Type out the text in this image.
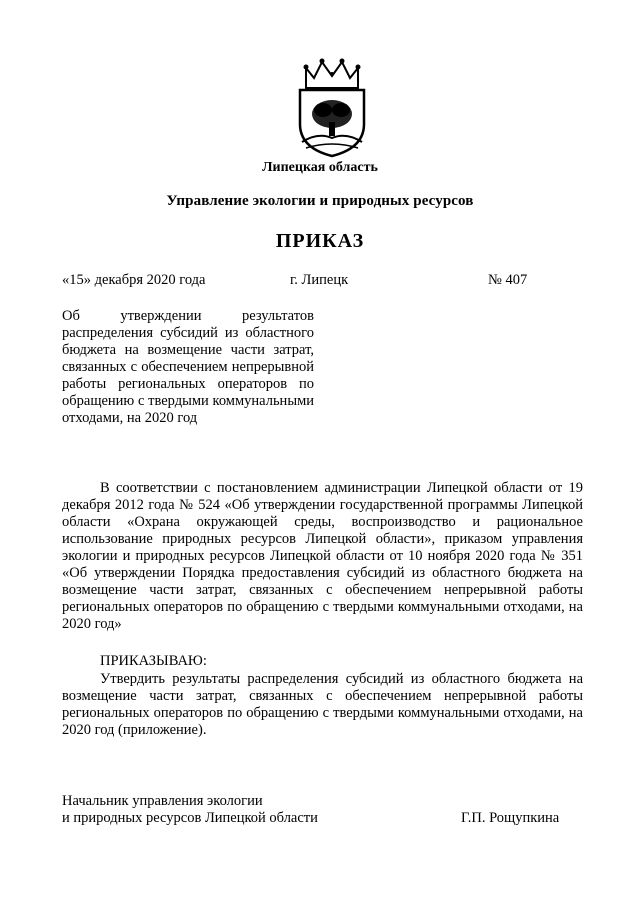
Липецкая область
Управление экологии и природных ресурсов
ПРИКАЗ
«15» декабря 2020 года	г. Липецк	№ 407
Об утверждении результатов распределения субсидий из областного бюджета на возмещение части затрат, связанных с обеспечением непрерывной работы региональных операторов по обращению с твердыми коммунальными отходами, на 2020 год
В соответствии с постановлением администрации Липецкой области от 19 декабря 2012 года № 524 «Об утверждении государственной программы Липецкой области «Охрана окружающей среды, воспроизводство и рациональное использование природных ресурсов Липецкой области», приказом управления экологии и природных ресурсов Липецкой области от 10 ноября 2020 года № 351 «Об утверждении Порядка предоставления субсидий из областного бюджета на возмещение части затрат, связанных с обеспечением непрерывной работы региональных операторов по обращению с твердыми коммунальными отходами, на 2020 год»
ПРИКАЗЫВАЮ:
Утвердить результаты распределения субсидий из областного бюджета на возмещение части затрат, связанных с обеспечением непрерывной работы региональных операторов по обращению с твердыми коммунальными отходами, на 2020 год (приложение).
Начальник управления экологии
и природных ресурсов Липецкой области	Г.П. Рощупкина
